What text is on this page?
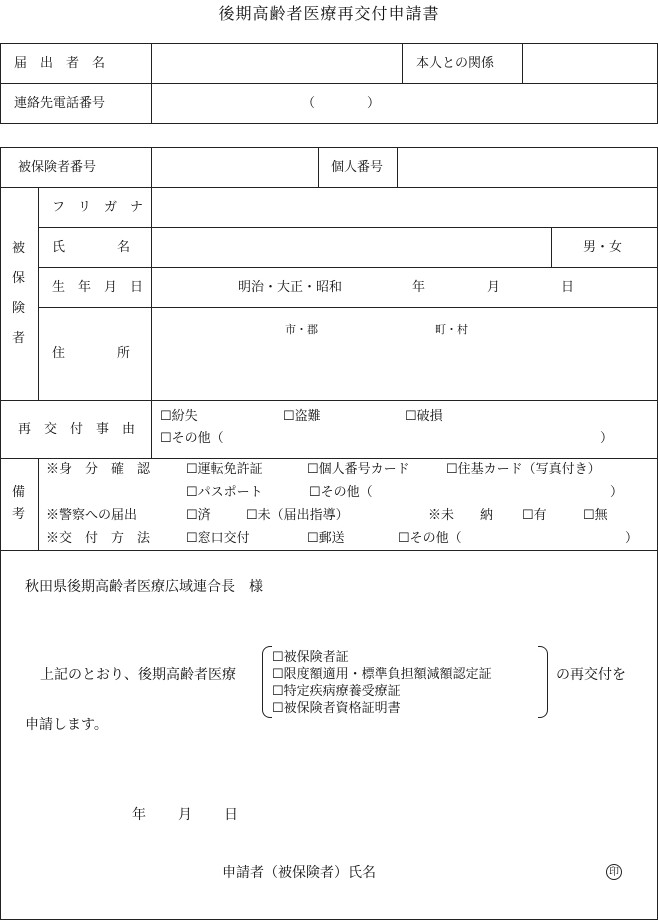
後期高齢者医療再交付申請書
届　出　者　名	本人との関係
連絡先電話番号	（　　　　）
被保険者番号	個人番号
被
保
険
者
フ　リ　ガ　ナ
氏　　　　名	男・女
生　年　月　日	明治・大正・昭和	年	月	日
住　　　　所
市・郡	町・村
再　交　付　事　由
☐紛失	☐盗難	☐破損
☐その他（	）
備
考
※身　分　確　認	☐運転免許証	☐個人番号カード	☐住基カード（写真付き）
☐パスポート	☐その他（	）
※警察への届出	☐済	☐未（届出指導）	※未　　納 ☐有	☐無
※交　付　方　法	☐窓口交付	☐郵送	☐その他（	）
秋田県後期高齢者医療広域連合長　様
上記のとおり、後期高齢者医療
☐被保険者証
☐限度額適用・標準負担額減額認定証
☐特定疾病療養受療証
☐被保険者資格証明書
の再交付を
申請します。
年 月 日
申請者（被保険者）氏名	印
